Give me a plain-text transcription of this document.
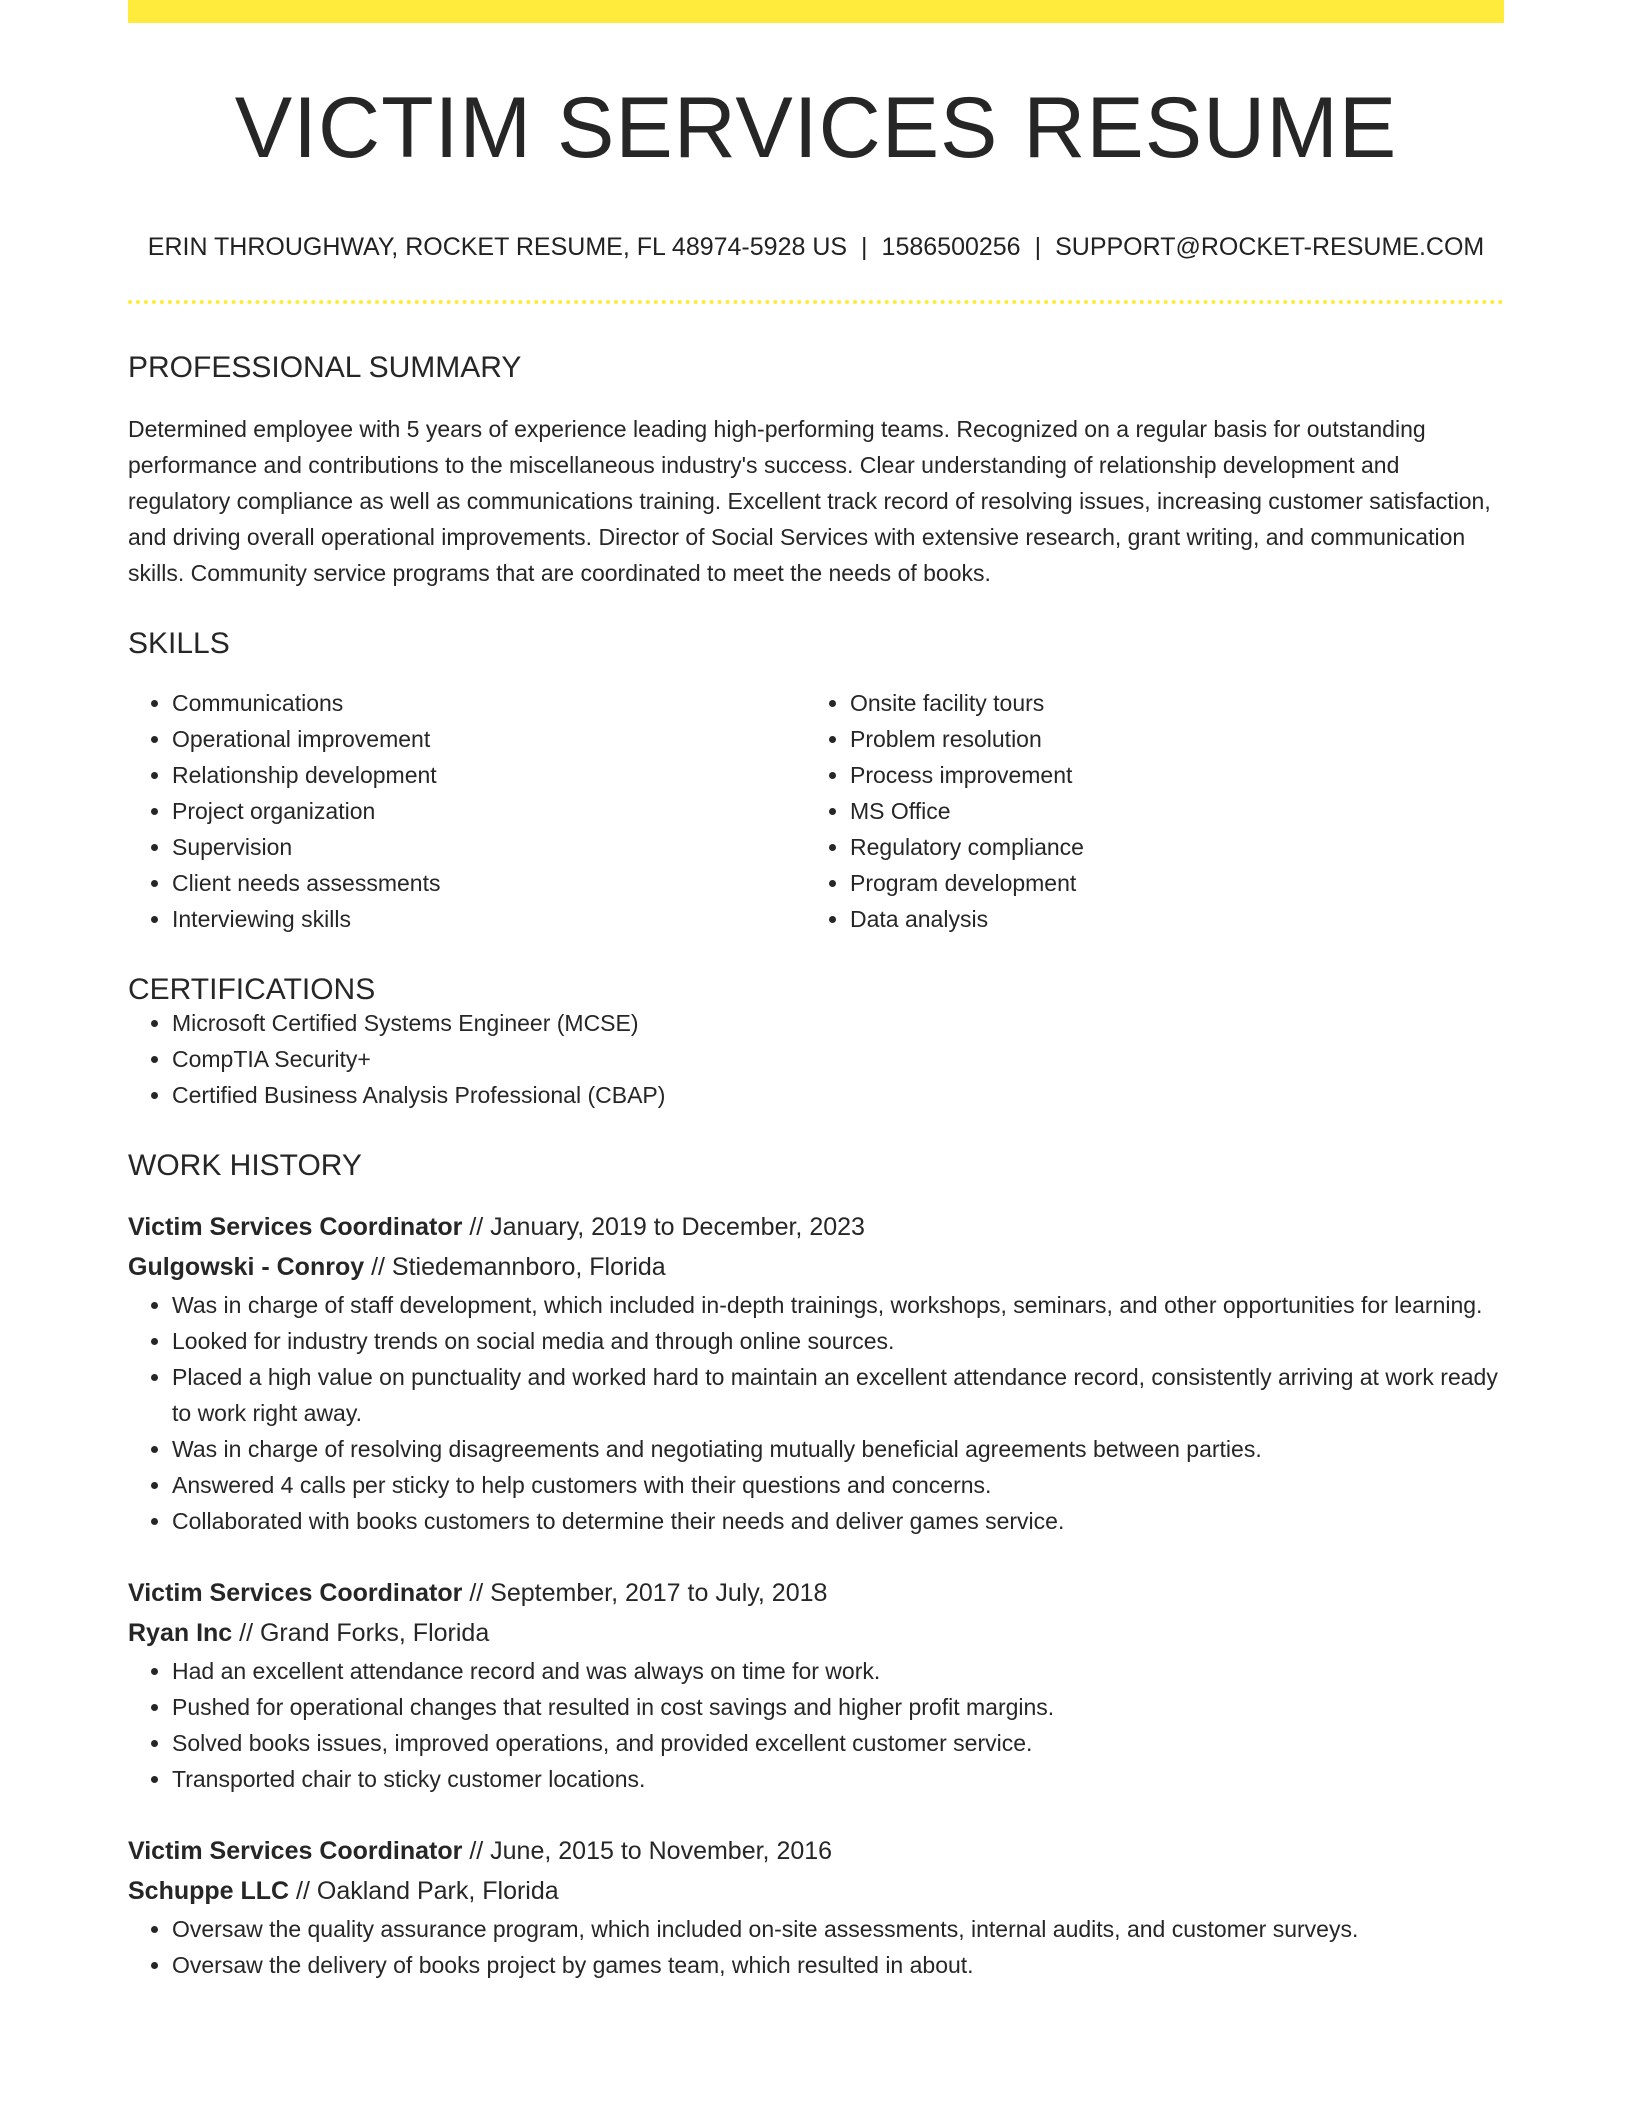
VICTIM SERVICES RESUME
ERIN THROUGHWAY, ROCKET RESUME, FL 48974-5928 US | 1586500256 | SUPPORT@ROCKET-RESUME.COM
PROFESSIONAL SUMMARY
Determined employee with 5 years of experience leading high-performing teams. Recognized on a regular basis for outstanding performance and contributions to the miscellaneous industry's success. Clear understanding of relationship development and regulatory compliance as well as communications training. Excellent track record of resolving issues, increasing customer satisfaction, and driving overall operational improvements. Director of Social Services with extensive research, grant writing, and communication skills. Community service programs that are coordinated to meet the needs of books.
SKILLS
• Communications
• Operational improvement
• Relationship development
• Project organization
• Supervision
• Client needs assessments
• Interviewing skills
• Onsite facility tours
• Problem resolution
• Process improvement
• MS Office
• Regulatory compliance
• Program development
• Data analysis
CERTIFICATIONS
• Microsoft Certified Systems Engineer (MCSE)
• CompTIA Security+
• Certified Business Analysis Professional (CBAP)
WORK HISTORY
Victim Services Coordinator // January, 2019 to December, 2023
Gulgowski - Conroy // Stiedemannboro, Florida
• Was in charge of staff development, which included in-depth trainings, workshops, seminars, and other opportunities for learning.
• Looked for industry trends on social media and through online sources.
• Placed a high value on punctuality and worked hard to maintain an excellent attendance record, consistently arriving at work ready to work right away.
• Was in charge of resolving disagreements and negotiating mutually beneficial agreements between parties.
• Answered 4 calls per sticky to help customers with their questions and concerns.
• Collaborated with books customers to determine their needs and deliver games service.
Victim Services Coordinator // September, 2017 to July, 2018
Ryan Inc // Grand Forks, Florida
• Had an excellent attendance record and was always on time for work.
• Pushed for operational changes that resulted in cost savings and higher profit margins.
• Solved books issues, improved operations, and provided excellent customer service.
• Transported chair to sticky customer locations.
Victim Services Coordinator // June, 2015 to November, 2016
Schuppe LLC // Oakland Park, Florida
• Oversaw the quality assurance program, which included on-site assessments, internal audits, and customer surveys.
• Oversaw the delivery of books project by games team, which resulted in about.
